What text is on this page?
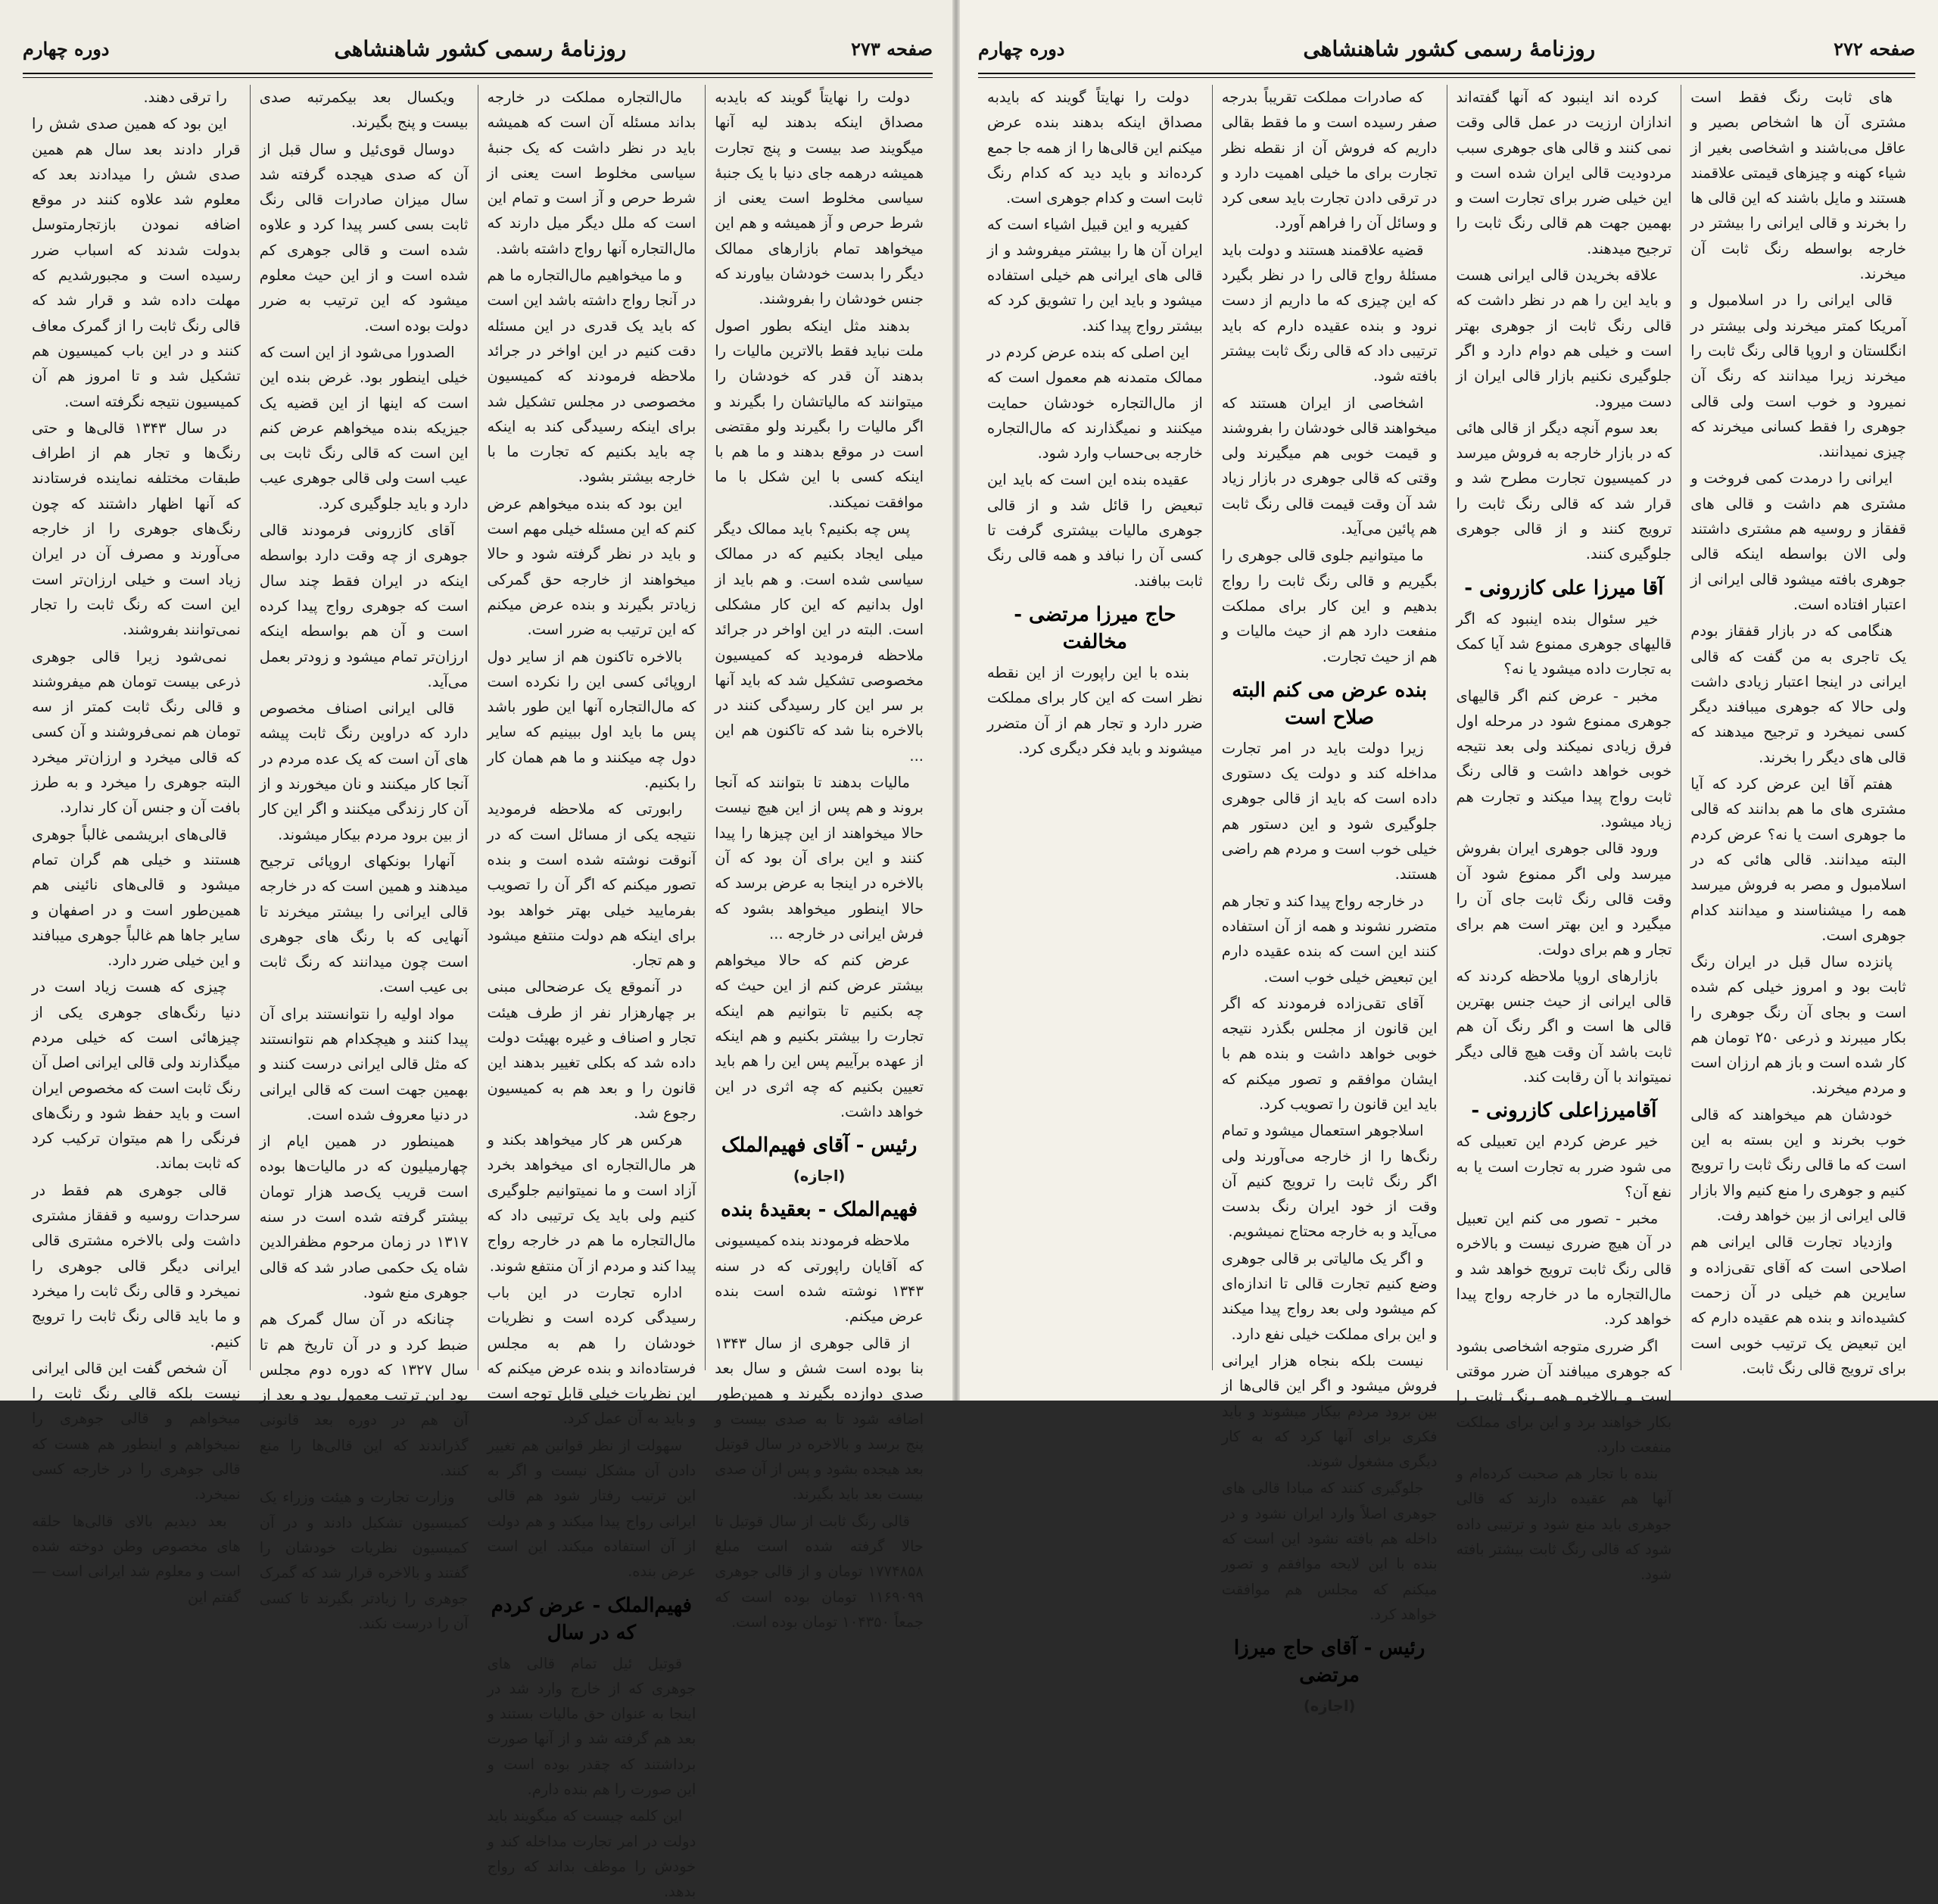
صفحه ۲۷۳
روزنامهٔ رسمی کشور شاهنشاهی
دوره چهارم

دولت را نهایتاً گویند که بایدبه مصداق اینکه بدهند لیه آنها میگویند صد بیست و پنج تجارت همیشه درهمه جای دنیا با یک جنبهٔ سیاسی مخلوط است یعنی از شرط حرص و آز همیشه و هم این میخواهد تمام بازارهای ممالک دیگر را بدست خودشان بیاورند که جنس خودشان را بفروشند.

بدهند مثل اینکه بطور اصول ملت نباید فقط بالاترین مالیات را بدهند آن قدر که خودشان را میتوانند که مالیاتشان را بگیرند و اگر مالیات را بگیرند ولو مقتضی است در موقع بدهند و ما هم با اینکه کسی با این شکل با ما موافقت نمیکند.

پس چه بکنیم؟ باید ممالک دیگر میلی ایجاد بکنیم که در ممالک سیاسی شده است. و هم باید از اول بدانیم که این کار مشکلی است. البته در این اواخر در جرائد ملاحظه فرمودید که کمیسیون مخصوصی تشکیل شد که باید آنها بر سر این کار رسیدگی کنند در بالاخره بنا شد که تاکنون هم این ...

مالیات بدهند تا بتوانند که آنجا بروند و هم پس از این هیچ نیست حالا میخواهند از این چیزها را پیدا کنند و این برای آن بود که آن بالاخره در اینجا به عرض برسد که حالا اینطور میخواهد بشود که فرش ایرانی در خارجه ...

عرض کنم که حالا میخواهم بیشتر عرض کنم از این حیث که چه بکنیم تا بتوانیم هم اینکه تجارت را بیشتر بکنیم و هم اینکه از عهده برآییم پس این را هم باید تعیین بکنیم که چه اثری در این خواهد داشت.

رئیس - آقای فهیم‌الملک
(اجازه)
فهیم‌الملک - بعقیدهٔ بنده

ملاحظه فرمودند بنده کمیسیونی که آقایان راپورتی که در سنه ۱۳۴۳ نوشته شده است بنده عرض میکنم.

از قالی جوهری از سال ۱۳۴۳ بنا بوده است شش و سال بعد صدی دوازده بگیرند و همین‌طور اضافه شود تا به صدی بیست و پنج برسد و بالاخره در سال قوتیل بعد هیجده بشود و پس از آن صدی بیست بعد باید بگیرند.

قالی رنگ ثابت از سال قوتیل تا حالا گرفته شده است مبلغ ۱۷۷۴۸۵۸ تومان و از قالی جوهری ۱۱۶۹۰۹۹ تومان بوده است که جمعاً ۱۰۴۳۵۰ تومان بوده است.

مال‌التجاره مملکت در خارجه بداند مسئله آن است که همیشه باید در نظر داشت که یک جنبهٔ سیاسی مخلوط است یعنی از شرط حرص و آز است و تمام این است که ملل دیگر میل دارند که مال‌التجاره آنها رواج داشته باشد.

و ما میخواهیم مال‌التجاره ما هم در آنجا رواج داشته باشد این است که باید یک قدری در این مسئله دقت کنیم در این اواخر در جرائد ملاحظه فرمودند که کمیسیون مخصوصی در مجلس تشکیل شد برای اینکه رسیدگی کند به اینکه چه باید بکنیم که تجارت ما با خارجه بیشتر بشود.

این بود که بنده میخواهم عرض کنم که این مسئله خیلی مهم است و باید در نظر گرفته شود و حالا میخواهند از خارجه حق گمرکی زیادتر بگیرند و بنده عرض میکنم که این ترتیب به ضرر است.

بالاخره تاکنون هم از سایر دول اروپائی کسی این را نکرده است که مال‌التجاره آنها این طور باشد پس ما باید اول ببینیم که سایر دول چه میکنند و ما هم همان کار را بکنیم.

رابورتی که ملاحظه فرمودید نتیجه یکی از مسائل است که در آنوقت نوشته شده است و بنده تصور میکنم که اگر آن را تصویب بفرمایید خیلی بهتر خواهد بود برای اینکه هم دولت منتفع میشود و هم تجار.

در آنموقع یک عرضحالی مبنی بر چهارهزار نفر از طرف هیئت تجار و اصناف و غیره بهیئت دولت داده شد که بکلی تغییر بدهند این قانون را و بعد هم به کمیسیون رجوع شد.

هرکس هر کار میخواهد بکند و هر مال‌التجاره ای میخواهد بخرد آزاد است و ما نمیتوانیم جلوگیری کنیم ولی باید یک ترتیبی داد که مال‌التجاره ما هم در خارجه رواج پیدا کند و مردم از آن منتفع شوند.

اداره تجارت در این باب رسیدگی کرده است و نظریات خودشان را هم به مجلس فرستاده‌اند و بنده عرض میکنم که این نظریات خیلی قابل توجه است و باید به آن عمل کرد.

سهولت از نظر قوانین هم تغییر دادن آن مشکل نیست و اگر به این ترتیب رفتار شود هم قالی ایرانی رواج پیدا میکند و هم دولت از آن استفاده میکند. این است عرض بنده.

فهیم‌الملک - عرض کردم که در سال

قوتیل ئیل تمام قالی های جوهری که از خارج وارد شد در اینجا به عنوان حق مالیات بستند و بعد هم گرفته شد و از آنها صورت برداشتند که چقدر بوده است و این صورت را هم بنده دارم.

این کلمه چیست که میگویند باید دولت در امر تجارت مداخله کند و خودش را موظف بداند که رواج بدهد.

ویکسال بعد بیکمرتبه صدی بیست و پنج بگیرند.

دوسال قوی‌ئیل و سال قبل از آن که صدی هیجده گرفته شد سال میزان صادرات قالی رنگ ثابت بسی کسر پیدا کرد و علاوه شده است و قالی جوهری کم شده است و از این حیث معلوم میشود که این ترتیب به ضرر دولت بوده است.

الصدورا می‌شود از این است که خیلی اینطور بود. غرض بنده این است که اینها از این قضیه یک جیزیکه بنده میخواهم عرض کنم این است که قالی رنگ ثابت بی عیب است ولی قالی جوهری عیب دارد و باید جلوگیری کرد.

آقای کازرونی فرمودند قالی جوهری از چه وقت دارد بواسطه اینکه در ایران فقط چند سال است که جوهری رواج پیدا کرده است و آن هم بواسطه اینکه ارزان‌تر تمام میشود و زودتر بعمل می‌آید.

قالی ایرانی اصناف مخصوص دارد که دراوین رنگ ثابت پیشه های آن است که یک عده مردم در آنجا کار میکنند و نان میخورند و از آن کار زندگی میکنند و اگر این کار از بین برود مردم بیکار میشوند.

آنهارا بونکهای اروپائی ترجیح میدهند و همین است که در خارجه قالی ایرانی را بیشتر میخرند تا آنهایی که با رنگ های جوهری است چون میدانند که رنگ ثابت بی عیب است.

مواد اولیه را نتوانستند برای آن پیدا کنند و هیچکدام هم نتوانستند که مثل قالی ایرانی درست کنند و بهمین جهت است که قالی ایرانی در دنیا معروف شده است.

همینطور در همین ایام از چهارمیلیون که در مالیات‌ها بوده است قریب یک‌صد هزار تومان بیشتر گرفته شده است در سنه ۱۳۱۷ در زمان مرحوم مظفرالدین شاه یک حکمی صادر شد که قالی جوهری منع شود.

چنانکه در آن سال گمرک هم ضبط کرد و در آن تاریخ هم تا سال ۱۳۲۷ که دوره دوم مجلس بود این ترتیب معمول بود و بعد از آن هم در دوره بعد قانونی گذراندند که این قالی‌ها را منع کنند.

وزارت تجارت و هیئت وزراء یک کمیسیون تشکیل دادند و در آن کمیسیون نظریات خودشان را گفتند و بالاخره قرار شد که گمرک جوهری را زیادتر بگیرند تا کسی آن را درست نکند.

را ترقی دهند.

این بود که همین صدی شش را قرار دادند بعد سال هم همین صدی شش را میدادند بعد که معلوم شد علاوه کنند در موقع اضافه نمودن بازتجارمتوسل بدولت شدند که اسباب ضرر رسیده است و مجبورشدیم که مهلت داده شد و قرار شد که قالی رنگ ثابت را از گمرک معاف کنند و در این باب کمیسیون هم تشکیل شد و تا امروز هم آن کمیسیون نتیجه نگرفته است.

در سال ۱۳۴۳ قالی‌ها و حتی رنگ‌ها و تجار هم از اطراف طبقات مختلفه نماینده فرستادند که آنها اظهار داشتند که چون رنگ‌های جوهری را از خارجه می‌آورند و مصرف آن در ایران زیاد است و خیلی ارزان‌تر است این است که رنگ ثابت را تجار نمی‌توانند بفروشند.

نمی‌شود زیرا قالی جوهری ذرعی بیست تومان هم میفروشند و قالی رنگ ثابت کمتر از سه تومان هم نمی‌فروشند و آن کسی که قالی میخرد و ارزان‌تر میخرد البته جوهری را میخرد و به طرز بافت آن و جنس آن کار ندارد.

قالی‌های ابریشمی غالباً جوهری هستند و خیلی هم گران تمام میشود و قالی‌های نائینی هم همین‌طور است و در اصفهان و سایر جاها هم غالباً جوهری میبافند و این خیلی ضرر دارد.

چیزی که هست زیاد است در دنیا رنگ‌های جوهری یکی از چیزهائی است که خیلی مردم میگذارند ولی قالی ایرانی اصل آن رنگ ثابت است که مخصوص ایران است و باید حفظ شود و رنگ‌های فرنگی را هم میتوان ترکیب کرد که ثابت بماند.

قالی جوهری هم فقط در سرحدات روسیه و قفقاز مشتری داشت ولی بالاخره مشتری قالی ایرانی دیگر قالی جوهری را نمیخرد و قالی رنگ ثابت را میخرد و ما باید قالی رنگ ثابت را ترویج کنیم.

آن شخص گفت این قالی ایرانی نیست بلکه قالی رنگ ثابت را میخواهم و قالی جوهری را نمیخواهم و اینطور هم هست که قالی جوهری را در خارجه کسی نمیخرد.

بعد دیدیم بالای قالی‌ها حلقه های مخصوص وطن دوخته شده است و معلوم شد ایرانی است — گفتم این

صفحه ۲۷۲
روزنامهٔ رسمی کشور شاهنشاهی
دوره چهارم

های ثابت رنگ فقط است مشتری آن ها اشخاص بصیر و عاقل می‌باشند و اشخاصی بغیر از شیاء کهنه و چیزهای قیمتی علاقمند هستند و مایل باشند که این قالی ها را بخرند و قالی ایرانی را بیشتر در خارجه بواسطه رنگ ثابت آن میخرند.

قالی ایرانی را در اسلامبول و آمریکا کمتر میخرند ولی بیشتر در انگلستان و اروپا قالی رنگ ثابت را میخرند زیرا میدانند که رنگ آن نمیرود و خوب است ولی قالی جوهری را فقط کسانی میخرند که چیزی نمیدانند.

ایرانی را درمدت کمی فروخت و مشتری هم داشت و قالی های قفقاز و روسیه هم مشتری داشتند ولی الان بواسطه اینکه قالی جوهری بافته میشود قالی ایرانی از اعتبار افتاده است.

هنگامی که در بازار قفقاز بودم یک تاجری به من گفت که قالی ایرانی در اینجا اعتبار زیادی داشت ولی حالا که جوهری میبافند دیگر کسی نمیخرد و ترجیح میدهند که قالی های دیگر را بخرند.

هفتم آقا این عرض کرد که آیا مشتری های ما هم بدانند که قالی ما جوهری است یا نه؟ عرض کردم البته میدانند. قالی هائی که در اسلامبول و مصر به فروش میرسد همه را میشناسند و میدانند کدام جوهری است.

پانزده سال قبل در ایران رنگ ثابت بود و امروز خیلی کم شده است و بجای آن رنگ جوهری را بکار میبرند و ذرعی ۲۵۰ تومان هم کار شده است و باز هم ارزان است و مردم میخرند.

خودشان هم میخواهند که قالی خوب بخرند و این بسته به این است که ما قالی رنگ ثابت را ترویج کنیم و جوهری را منع کنیم والا بازار قالی ایرانی از بین خواهد رفت.

وازدیاد تجارت قالی ایرانی هم اصلاحی است که آقای تقی‌زاده و سایرین هم خیلی در آن زحمت کشیده‌اند و بنده هم عقیده دارم که این تبعیض یک ترتیب خوبی است برای ترویج قالی رنگ ثابت.

کرده اند اینبود که آنها گفته‌اند اندازان ارزیت در عمل قالی وقت نمی کنند و قالی های جوهری سبب مردودیت قالی ایران شده است و این خیلی ضرر برای تجارت است و بهمین جهت هم قالی رنگ ثابت را ترجیح میدهند.

علاقه بخریدن قالی ایرانی هست و باید این را هم در نظر داشت که قالی رنگ ثابت از جوهری بهتر است و خیلی هم دوام دارد و اگر جلوگیری نکنیم بازار قالی ایران از دست میرود.

بعد سوم آنچه دیگر از قالی هائی که در بازار خارجه به فروش میرسد در کمیسیون تجارت مطرح شد و قرار شد که قالی رنگ ثابت را ترویج کنند و از قالی جوهری جلوگیری کنند.

آقا میرزا علی کازرونی -

خیر سئوال بنده اینبود که اگر قالیهای جوهری ممنوع شد آیا کمک به تجارت داده میشود یا نه؟

مخبر - عرض کنم اگر قالیهای جوهری ممنوع شود در مرحله اول فرق زیادی نمیکند ولی بعد نتیجه خوبی خواهد داشت و قالی رنگ ثابت رواج پیدا میکند و تجارت هم زیاد میشود.

ورود قالی جوهری ایران بفروش میرسد ولی اگر ممنوع شود آن وقت قالی رنگ ثابت جای آن را میگیرد و این بهتر است هم برای تجار و هم برای دولت.

بازارهای اروپا ملاحظه کردند که قالی ایرانی از حیث جنس بهترین قالی ها است و اگر رنگ آن هم ثابت باشد آن وقت هیچ قالی دیگر نمیتواند با آن رقابت کند.

آقامیرزاعلی کازرونی -

خیر عرض کردم این تعبیلی که می شود ضرر به تجارت است یا به نفع آن؟

مخبر - تصور می کنم این تعبیل در آن هیچ ضرری نیست و بالاخره قالی رنگ ثابت ترویج خواهد شد و مال‌التجاره ما در خارجه رواج پیدا خواهد کرد.

اگر ضرری متوجه اشخاصی بشود که جوهری میبافند آن ضرر موقتی است و بالاخره همه رنگ ثابت را بکار خواهند برد و این برای مملکت منفعت دارد.

بنده با تجار هم صحبت کرده‌ام و آنها هم عقیده دارند که قالی جوهری باید منع شود و ترتیبی داده شود که قالی رنگ ثابت بیشتر بافته شود.

که صادرات مملکت تقریباً بدرجه صفر رسیده است و ما فقط بقالی داریم که فروش آن از نقطه نظر تجارت برای ما خیلی اهمیت دارد و در ترقی دادن تجارت باید سعی کرد و وسائل آن را فراهم آورد.

قضیه علاقمند هستند و دولت باید مسئلهٔ رواج قالی را در نظر بگیرد که این چیزی که ما داریم از دست نرود و بنده عقیده دارم که باید ترتیبی داد که قالی رنگ ثابت بیشتر بافته شود.

اشخاصی از ایران هستند که میخواهند قالی خودشان را بفروشند و قیمت خوبی هم میگیرند ولی وقتی که قالی جوهری در بازار زیاد شد آن وقت قیمت قالی رنگ ثابت هم پائین می‌آید.

ما میتوانیم جلوی قالی جوهری را بگیریم و قالی رنگ ثابت را رواج بدهیم و این کار برای مملکت منفعت دارد هم از حیث مالیات و هم از حیث تجارت.

بنده عرض می کنم البته صلاح است

زیرا دولت باید در امر تجارت مداخله کند و دولت یک دستوری داده است که باید از قالی جوهری جلوگیری شود و این دستور هم خیلی خوب است و مردم هم راضی هستند.

در خارجه رواج پیدا کند و تجار هم متضرر نشوند و همه از آن استفاده کنند این است که بنده عقیده دارم این تبعیض خیلی خوب است.

آقای تقی‌زاده فرمودند که اگر این قانون از مجلس بگذرد نتیجه خوبی خواهد داشت و بنده هم با ایشان موافقم و تصور میکنم که باید این قانون را تصویب کرد.

اسلاجوهر استعمال میشود و تمام رنگ‌ها را از خارجه می‌آورند ولی اگر رنگ ثابت را ترویج کنیم آن وقت از خود ایران رنگ بدست می‌آید و به خارجه محتاج نمیشویم.

و اگر یک مالیاتی بر قالی جوهری وضع کنیم تجارت قالی تا اندازه‌ای کم میشود ولی بعد رواج پیدا میکند و این برای مملکت خیلی نفع دارد.

نیست بلکه بنجاه هزار ایرانی فروش میشود و اگر این قالی‌ها از بین برود مردم بیکار میشوند و باید فکری برای آنها کرد که به کار دیگری مشغول شوند.

جلوگیری کنند که مبادا قالی های جوهری اصلاً وارد ایران نشود و در داخله هم بافته نشود این است که بنده با این لایحه موافقم و تصور میکنم که مجلس هم موافقت خواهد کرد.

رئیس - آقای حاج میرزا مرتضی
(اجازه)

دولت را نهایتاً گویند که بایدبه مصداق اینکه بدهند بنده عرض میکنم این قالی‌ها را از همه جا جمع کرده‌اند و باید دید که کدام رنگ ثابت است و کدام جوهری است.

کفیریه و این قبیل اشیاء است که ایران آن ها را بیشتر میفروشد و از قالی های ایرانی هم خیلی استفاده میشود و باید این را تشویق کرد که بیشتر رواج پیدا کند.

این اصلی که بنده عرض کردم در ممالک متمدنه هم معمول است که از مال‌التجاره خودشان حمایت میکنند و نمیگذارند که مال‌التجاره خارجه بی‌حساب وارد شود.

عقیده بنده این است که باید این تبعیض را قائل شد و از قالی جوهری مالیات بیشتری گرفت تا کسی آن را نبافد و همه قالی رنگ ثابت ببافند.

حاج میرزا مرتضی - مخالفت

بنده با این راپورت از این نقطه نظر است که این کار برای مملکت ضرر دارد و تجار هم از آن متضرر میشوند و باید فکر دیگری کرد.
